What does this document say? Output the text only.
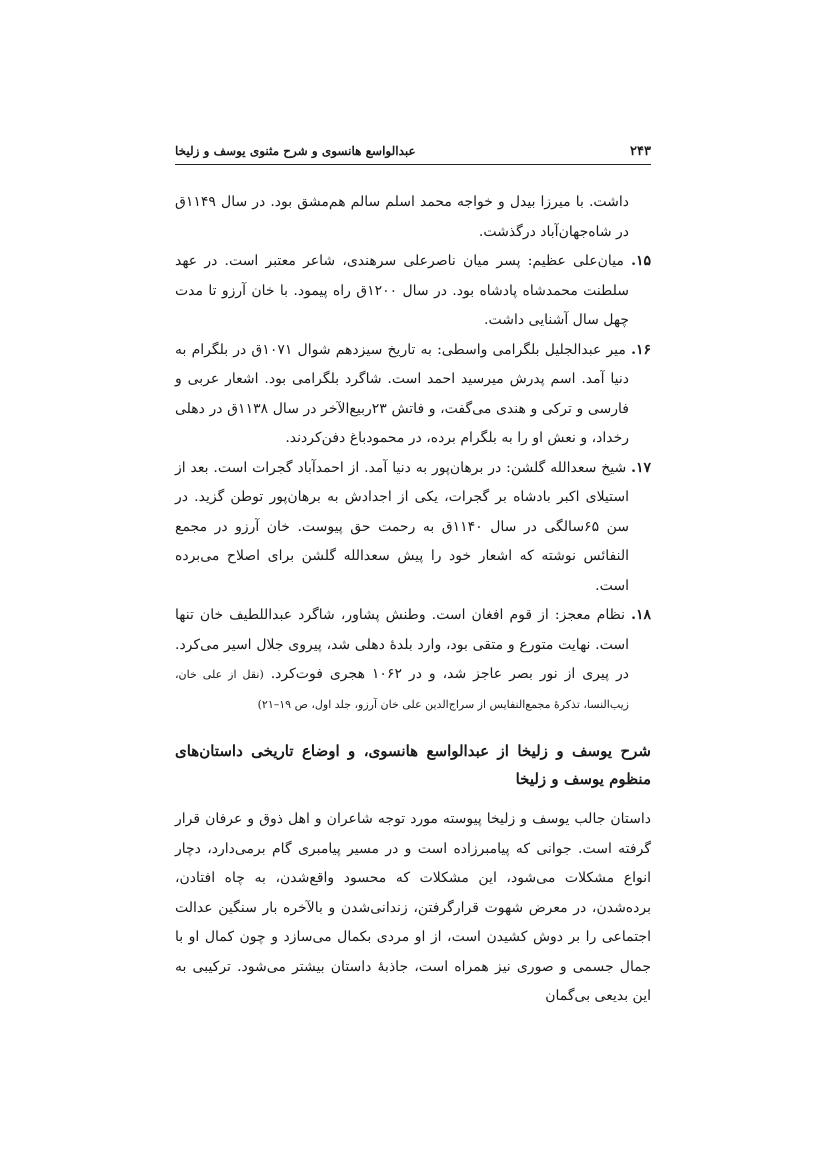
۲۴۳
عبدالواسع هانسوی و شرح مثنوی یوسف و زلیخا

داشت. با میرزا بیدل و خواجه محمد اسلم سالم هم‌مشق بود. در سال ۱۱۴۹ق در شاه‌جهان‌آباد درگذشت.

۱۵. میان‌علی عظیم: پسر میان ناصرعلی سرهندی، شاعر معتبر است. در عهد سلطنت محمدشاه پادشاه بود. در سال ۱۲۰۰ق راه پیمود. با خان آرزو تا مدت چهل سال آشنایی داشت.

۱۶. میر عبدالجلیل بلگرامی واسطی: به تاریخ سیزدهم شوال ۱۰۷۱ق در بلگرام به دنیا آمد. اسم پدرش میرسید احمد است. شاگرد بلگرامی بود. اشعار عربی و فارسی و ترکی و هندی می‌گفت، و فاتش ۲۳ربیع‌الآخر در سال ۱۱۳۸ق در دهلی رخداد، و نعش او را به بلگرام برده، در محمودباغ دفن‌کردند.

۱۷. شیخ سعدالله گلشن: در برهان‌پور به دنیا آمد. از احمدآباد گجرات است. بعد از استیلای اکبر بادشاه بر گجرات، یکی از اجدادش به برهان‌پور توطن گزید. در سن ۶۵سالگی در سال ۱۱۴۰ق به رحمت حق پیوست. خان آرزو در مجمع النفائس نوشته که اشعار خود را پیش سعدالله گلشن برای اصلاح می‌برده است.

۱۸. نظام معجز: از قوم افغان است. وطنش پشاور، شاگرد عبداللطیف خان تنها است. نهایت متورع و متقی بود، وارد بلدهٔ دهلی شد، پیروی جلال اسیر می‌کرد. در پیری از نور بصر عاجز شد، و در ۱۰۶۲ هجری فوت‌کرد. (نقل از علی خان، زیب‌النسا، تذکرهٔ مجمع‌النفایس از سراج‌الدین علی خان آرزو، جلد اول، ص ۱۹–۲۱)

شرح یوسف و زلیخا از عبدالواسع هانسوی، و اوضاع تاریخی داستان‌های منظوم یوسف و زلیخا

داستان جالب یوسف و زلیخا پیوسته مورد توجه شاعران و اهل ذوق و عرفان قرار گرفته است. جوانی که پیامبرزاده است و در مسیر پیامبری گام برمی‌دارد، دچار انواع مشکلات می‌شود، این مشکلات که محسود واقع‌شدن، به چاه افتادن، برده‌شدن، در معرض شهوت قرارگرفتن، زندانی‌شدن و بالآخره بار سنگین عدالت اجتماعی را بر دوش کشیدن است، از او مردی بکمال می‌سازد و چون کمال او با جمال جسمی و صوری نیز همراه است، جاذبهٔ داستان بیشتر می‌شود. ترکیبی به این بدیعی بی‌گمان
